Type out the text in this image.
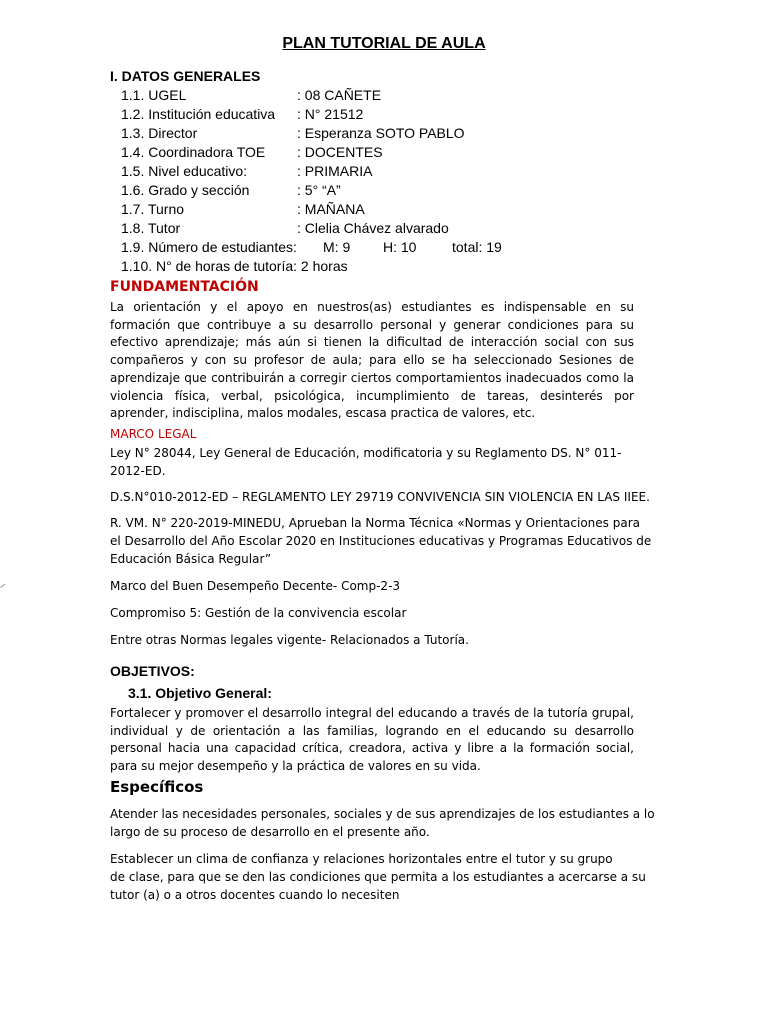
PLAN TUTORIAL DE AULA
I. DATOS GENERALES
1.1. UGEL	: 08 CAÑETE
1.2. Institución educativa : N° 21512
1.3. Director	: Esperanza SOTO PABLO
1.4. Coordinadora TOE : DOCENTES
1.5. Nivel educativo:	: PRIMARIA
1.6. Grado y sección	: 5° “A”
1.7. Turno	: MAÑANA
1.8. Tutor	: Clelia Chávez alvarado
1.9. Número de estudiantes: M: 9 H: 10	total: 19
1.10. N° de horas de tutoría: 2 horas
FUNDAMENTACIÓN
La orientación y el apoyo en nuestros(as) estudiantes es indispensable en su formación que contribuye a su desarrollo personal y generar condiciones para su efectivo aprendizaje; más aún si tienen la dificultad de interacción social con sus compañeros y con su profesor de aula; para ello se ha seleccionado Sesiones de aprendizaje que contribuirán a corregir ciertos comportamientos inadecuados como la violencia física, verbal, psicológica, incumplimiento de tareas, desinterés por aprender, indisciplina, malos modales, escasa practica de valores, etc.
MARCO LEGAL
Ley N° 28044, Ley General de Educación, modificatoria y su Reglamento DS. N° 011-
2012-ED.
D.S.N°010-2012-ED – REGLAMENTO LEY 29719 CONVIVENCIA SIN VIOLENCIA EN LAS IIEE.
R. VM. N° 220-2019-MINEDU, Aprueban la Norma Técnica «Normas y Orientaciones para
el Desarrollo del Año Escolar 2020 en Instituciones educativas y Programas Educativos de
Educación Básica Regular”
Marco del Buen Desempeño Decente- Comp-2-3
Compromiso 5: Gestión de la convivencia escolar
Entre otras Normas legales vigente- Relacionados a Tutoría.
OBJETIVOS:
3.1. Objetivo General:
Fortalecer y promover el desarrollo integral del educando a través de la tutoría grupal, individual y de orientación a las familias, logrando en el educando su desarrollo personal hacia una capacidad crítica, creadora, activa y libre a la formación social, para su mejor desempeño y la práctica de valores en su vida.
Específicos
Atender las necesidades personales, sociales y de sus aprendizajes de los estudiantes a lo
largo de su proceso de desarrollo en el presente año.
Establecer un clima de confianza y relaciones horizontales entre el tutor y su grupo
de clase, para que se den las condiciones que permita a los estudiantes a acercarse a su
tutor (a) o a otros docentes cuando lo necesiten
